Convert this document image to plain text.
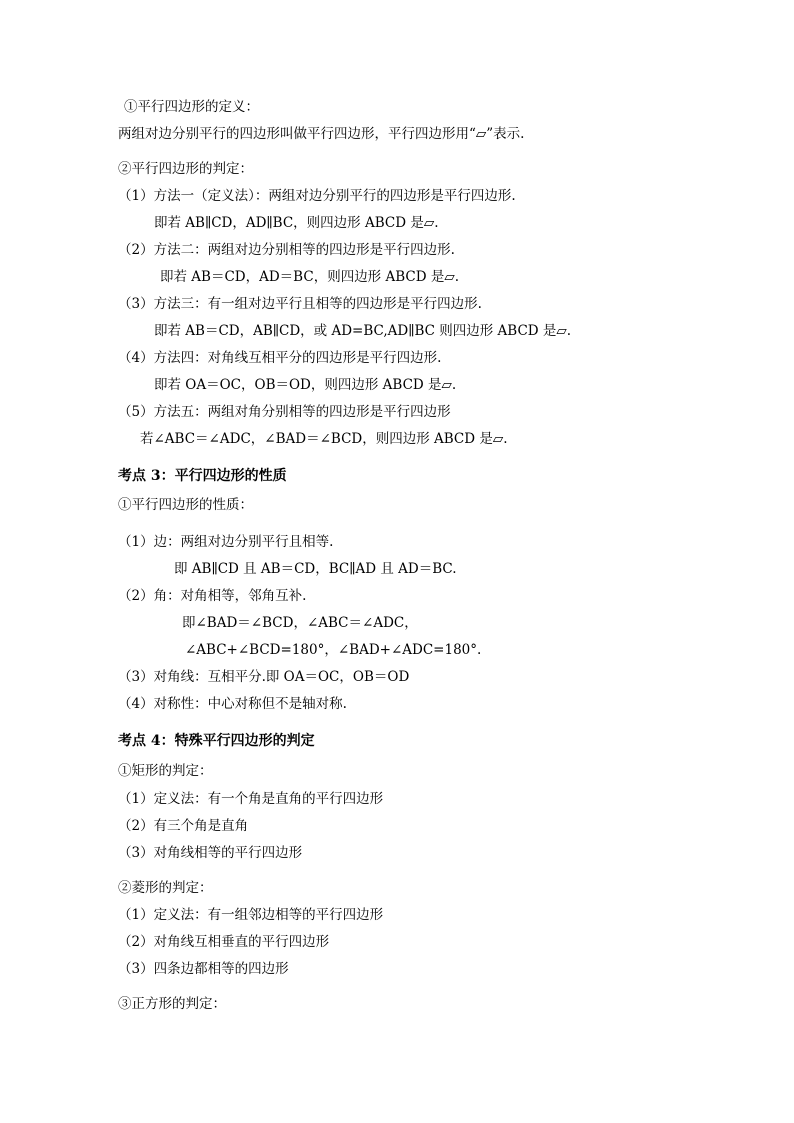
①平行四边形的定义：
两组对边分别平行的四边形叫做平行四边形，平行四边形用“▱”表示.
②平行四边形的判定：
（1）方法一（定义法）：两组对边分别平行的四边形是平行四边形.
即若 AB∥CD，AD∥BC，则四边形 ABCD 是▱.
（2）方法二：两组对边分别相等的四边形是平行四边形.
即若 AB＝CD，AD＝BC，则四边形 ABCD 是▱.
（3）方法三：有一组对边平行且相等的四边形是平行四边形.
即若 AB＝CD，AB∥CD，或 AD=BC,AD∥BC 则四边形 ABCD 是▱.
（4）方法四：对角线互相平分的四边形是平行四边形.
即若 OA＝OC，OB＝OD，则四边形 ABCD 是▱.
（5）方法五：两组对角分别相等的四边形是平行四边形
若∠ABC＝∠ADC，∠BAD＝∠BCD，则四边形 ABCD 是▱.
考点 3：平行四边形的性质
①平行四边形的性质：
（1）边：两组对边分别平行且相等.
即 AB∥CD 且 AB＝CD，BC∥AD 且 AD＝BC.
（2）角：对角相等，邻角互补.
即∠BAD＝∠BCD，∠ABC＝∠ADC，
∠ABC+∠BCD=180°，∠BAD+∠ADC=180°.
（3）对角线：互相平分.即 OA＝OC，OB＝OD
（4）对称性：中心对称但不是轴对称.
考点 4：特殊平行四边形的判定
①矩形的判定：
（1）定义法：有一个角是直角的平行四边形
（2）有三个角是直角
（3）对角线相等的平行四边形
②菱形的判定：
（1）定义法：有一组邻边相等的平行四边形
（2）对角线互相垂直的平行四边形
（3）四条边都相等的四边形
③正方形的判定：
